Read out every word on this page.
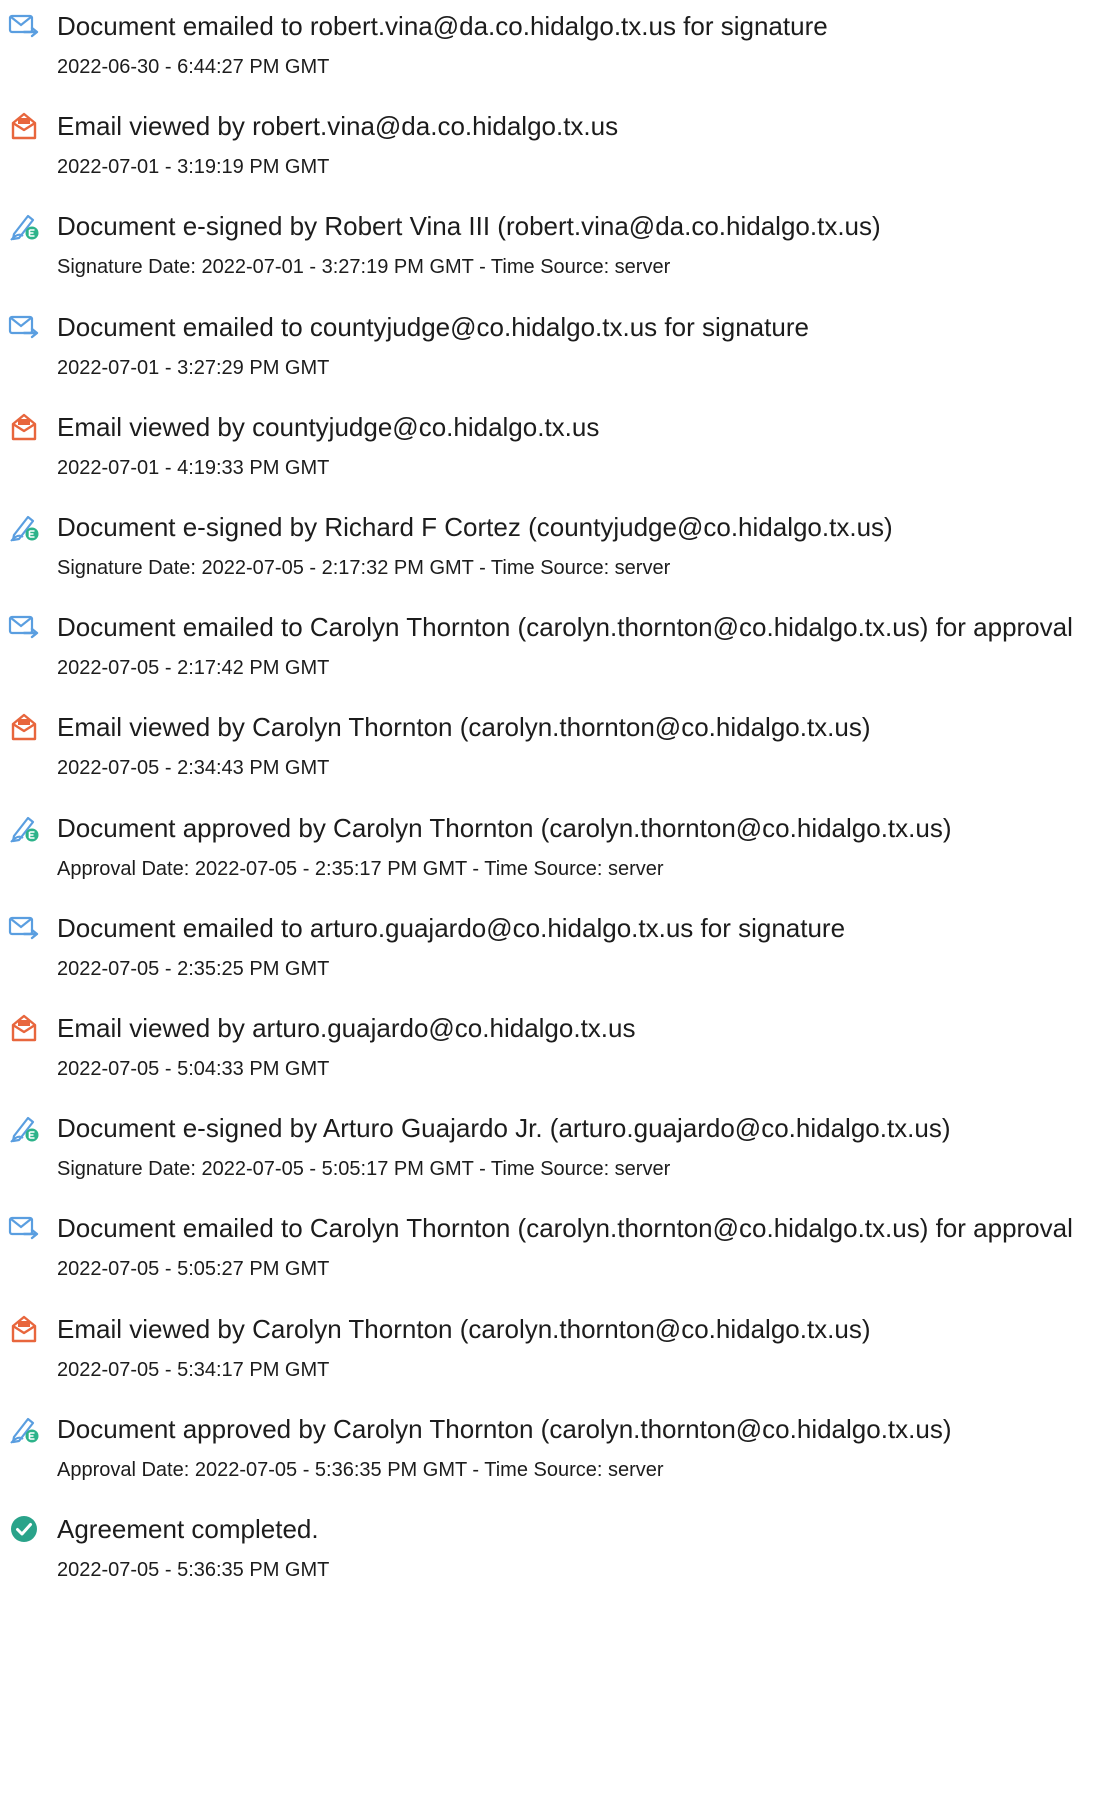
Document emailed to robert.vina@da.co.hidalgo.tx.us for signature
2022-06-30 - 6:44:27 PM GMT
Email viewed by robert.vina@da.co.hidalgo.tx.us
2022-07-01 - 3:19:19 PM GMT
Document e-signed by Robert Vina III (robert.vina@da.co.hidalgo.tx.us)
Signature Date: 2022-07-01 - 3:27:19 PM GMT - Time Source: server
Document emailed to countyjudge@co.hidalgo.tx.us for signature
2022-07-01 - 3:27:29 PM GMT
Email viewed by countyjudge@co.hidalgo.tx.us
2022-07-01 - 4:19:33 PM GMT
Document e-signed by Richard F Cortez (countyjudge@co.hidalgo.tx.us)
Signature Date: 2022-07-05 - 2:17:32 PM GMT - Time Source: server
Document emailed to Carolyn Thornton (carolyn.thornton@co.hidalgo.tx.us) for approval
2022-07-05 - 2:17:42 PM GMT
Email viewed by Carolyn Thornton (carolyn.thornton@co.hidalgo.tx.us)
2022-07-05 - 2:34:43 PM GMT
Document approved by Carolyn Thornton (carolyn.thornton@co.hidalgo.tx.us)
Approval Date: 2022-07-05 - 2:35:17 PM GMT - Time Source: server
Document emailed to arturo.guajardo@co.hidalgo.tx.us for signature
2022-07-05 - 2:35:25 PM GMT
Email viewed by arturo.guajardo@co.hidalgo.tx.us
2022-07-05 - 5:04:33 PM GMT
Document e-signed by Arturo Guajardo Jr. (arturo.guajardo@co.hidalgo.tx.us)
Signature Date: 2022-07-05 - 5:05:17 PM GMT - Time Source: server
Document emailed to Carolyn Thornton (carolyn.thornton@co.hidalgo.tx.us) for approval
2022-07-05 - 5:05:27 PM GMT
Email viewed by Carolyn Thornton (carolyn.thornton@co.hidalgo.tx.us)
2022-07-05 - 5:34:17 PM GMT
Document approved by Carolyn Thornton (carolyn.thornton@co.hidalgo.tx.us)
Approval Date: 2022-07-05 - 5:36:35 PM GMT - Time Source: server
Agreement completed.
2022-07-05 - 5:36:35 PM GMT
